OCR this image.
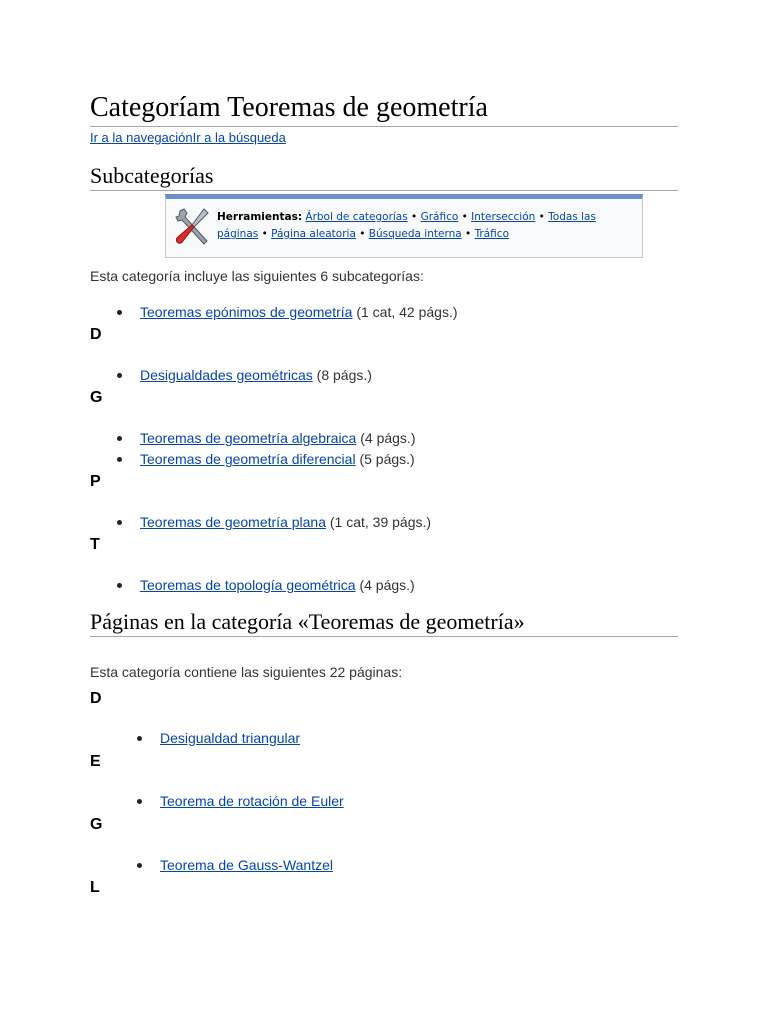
Categoríam Teoremas de geometría
Ir a la navegaciónIr a la búsqueda
Subcategorías
Herramientas: Árbol de categorías • Gráfico • Intersección • Todas las páginas • Página aleatoria • Búsqueda interna • Tráfico
Esta categoría incluye las siguientes 6 subcategorías:
Teoremas epónimos de geometría (1 cat, 42 págs.)
D
Desigualdades geométricas (8 págs.)
G
Teoremas de geometría algebraica (4 págs.)
Teoremas de geometría diferencial (5 págs.)
P
Teoremas de geometría plana (1 cat, 39 págs.)
T
Teoremas de topología geométrica (4 págs.)
Páginas en la categoría «Teoremas de geometría»
Esta categoría contiene las siguientes 22 páginas:
D
Desigualdad triangular
E
Teorema de rotación de Euler
G
Teorema de Gauss-Wantzel
L
